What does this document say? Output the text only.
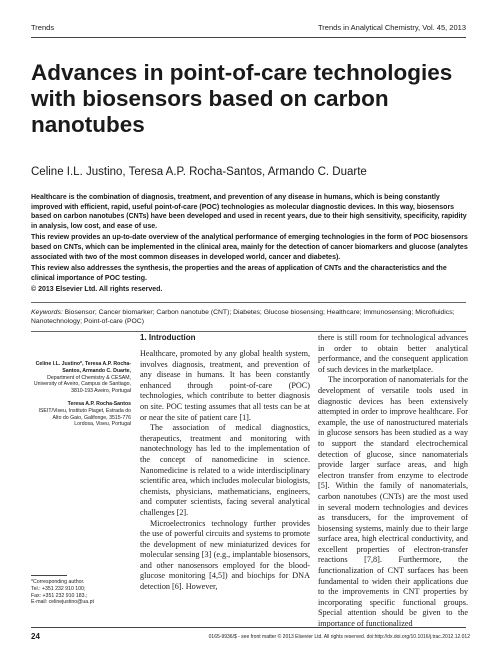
Trends	Trends in Analytical Chemistry, Vol. 45, 2013
Advances in point-of-care technologies with biosensors based on carbon nanotubes
Celine I.L. Justino, Teresa A.P. Rocha-Santos, Armando C. Duarte

Healthcare is the combination of diagnosis, treatment, and prevention of any disease in humans, which is being constantly improved with efficient, rapid, useful point-of-care (POC) technologies as molecular diagnostic devices. In this way, biosensors based on carbon nanotubes (CNTs) have been developed and used in recent years, due to their high sensitivity, specificity, rapidity in analysis, low cost, and ease of use.

This review provides an up-to-date overview of the analytical performance of emerging technologies in the form of POC biosensors based on CNTs, which can be implemented in the clinical area, mainly for the detection of cancer biomarkers and glucose (analytes associated with two of the most common diseases in developed world, cancer and diabetes).

This review also addresses the synthesis, the properties and the areas of application of CNTs and the characteristics and the clinical importance of POC testing.

© 2013 Elsevier Ltd. All rights reserved.

Keywords: Biosensor; Cancer biomarker; Carbon nanotube (CNT); Diabetes; Glucose biosensing; Healthcare; Immunosensing; Microfluidics; Nanotechnology; Point-of-care (POC)
Celine I.L. Justino*, Teresa A.P. Rocha-Santos, Armando C. Duarte,
Department of Chemistry & CESAM, University of Aveiro, Campus de Santiago, 3810-193 Aveiro, Portugal
Teresa A.P. Rocha-Santos
ISEIT/Viseu, Instituto Piaget, Estrada do Alto do Gaio, Galifonge, 3515-776 Lordosa, Viseu, Portugal
*Corresponding author.
Tel.: +351 232 910 100;
Fax: +351 232 910 183.;
E-mail: celinejustino@ua.pt
1. Introduction

Healthcare, promoted by any global health system, involves diagnosis, treatment, and prevention of any disease in humans. It has been constantly enhanced through point-of-care (POC) technologies, which contribute to better diagnosis on site. POC testing assumes that all tests can be at or near the site of patient care [1].

The association of medical diagnostics, therapeutics, treatment and monitoring with nanotechnology has led to the implementation of the concept of nanomedicine in science. Nanomedicine is related to a wide interdisciplinary scientific area, which includes molecular biologists, chemists, physicians, mathematicians, engineers, and computer scientists, facing several analytical challenges [2].

Microelectronics technology further provides the use of powerful circuits and systems to promote the development of new miniaturized devices for molecular sensing [3] (e.g., implantable biosensors, and other nanosensors employed for the blood-glucose monitoring [4,5]) and biochips for DNA detection [6]. However,

there is still room for technological advances in order to obtain better analytical performance, and the consequent application of such devices in the marketplace.

The incorporation of nanomaterials for the development of versatile tools used in diagnostic devices has been extensively attempted in order to improve healthcare. For example, the use of nanostructured materials in glucose sensors has been studied as a way to support the standard electrochemical detection of glucose, since nanomaterials provide larger surface areas, and high electron transfer from enzyme to electrode [5]. Within the family of nanomaterials, carbon nanotubes (CNTs) are the most used in several modern technologies and devices as transducers, for the improvement of biosensing systems, mainly due to their large surface area, high electrical conductivity, and excellent properties of electron-transfer reactions [7,8]. Furthermore, the functionalization of CNT surfaces has been fundamental to widen their applications due to the improvements in CNT properties by incorporating specific functional groups. Special attention should be given to the importance of functionalized

24	0165-9936/$ - see front matter © 2013 Elsevier Ltd. All rights reserved. doi:http://dx.doi.org/10.1016/j.trac.2012.12.012
